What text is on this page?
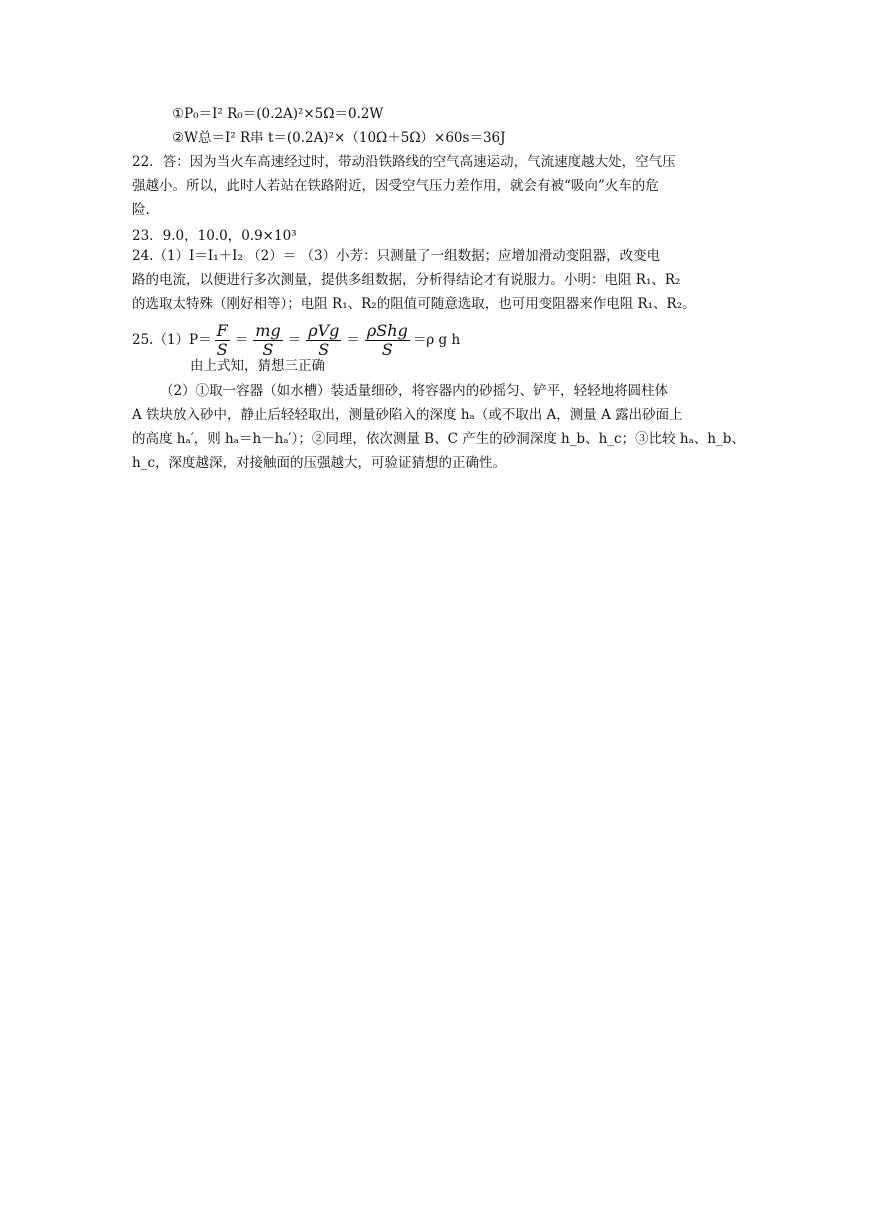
①P₀＝I² R₀＝(0.2A)²×5Ω＝0.2W
②W总＝I² R串 t＝(0.2A)²×（10Ω＋5Ω）×60s＝36J
22．答：因为当火车高速经过时，带动沿铁路线的空气高速运动，气流速度越大处，空气压
强越小。所以，此时人若站在铁路附近，因受空气压力差作用，就会有被“吸向”火车的危
险.
23．9.0，10.0，0.9×10³
24.（1）I＝I₁＋I₂ （2）＝ （3）小芳：只测量了一组数据；应增加滑动变阻器，改变电
路的电流，以便进行多次测量，提供多组数据，分析得结论才有说服力。小明：电阻 R₁、R₂
的选取太特殊（刚好相等）；电阻 R₁、R₂的阻值可随意选取，也可用变阻器来作电阻 R₁、R₂。
$25.(1)P= \frac{F}{S} = \frac{mg}{S} = \frac{\text{ρVg}}{S} = \frac{\text{ρShg}}{S} =\rho$ g h
由上式知，猜想三正确
（2）①取一容器（如水槽）装适量细砂，将容器内的砂摇匀、铲平，轻轻地将圆柱体
A 铁块放入砂中，静止后轻轻取出，测量砂陷入的深度 hₐ（或不取出 A，测量 A 露出砂面上
的高度 hₐ′，则 hₐ＝h－hₐ′）；②同理，依次测量 B、C 产生的砂洞深度 h_b、h_c；③比较 hₐ、h_b、
h_c，深度越深，对接触面的压强越大，可验证猜想的正确性。
